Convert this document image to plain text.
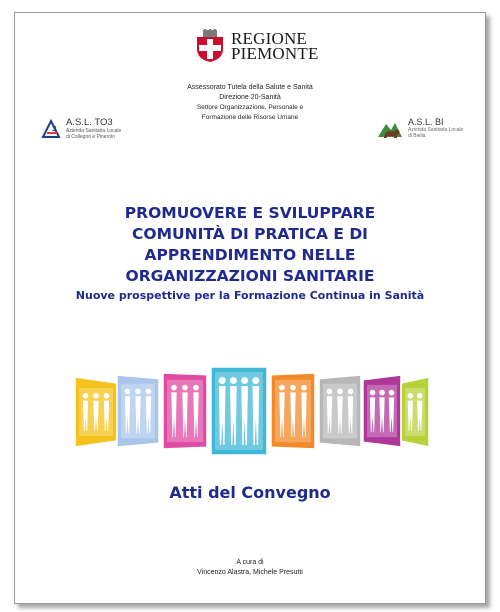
REGIONE
PIEMONTE
Assessorato Tutela della Salute e Sanità
Direzione 20-Sanità
Settore Organizzazione, Personale e
Formazione delle Risorse Umane
3
A.S.L. TO3
Azienda Sanitaria Locale
di Collegno e Pinerolo
A.S.L. BI
Azienda Sanitaria Locale
di Biella
PROMUOVERE E SVILUPPARE
COMUNITÀ DI PRATICA E DI
APPRENDIMENTO NELLE
ORGANIZZAZIONI SANITARIE
Nuove prospettive per la Formazione Continua in Sanità
Atti del Convegno
A cura di
Vincenzo Alastra, Michele Presutti
